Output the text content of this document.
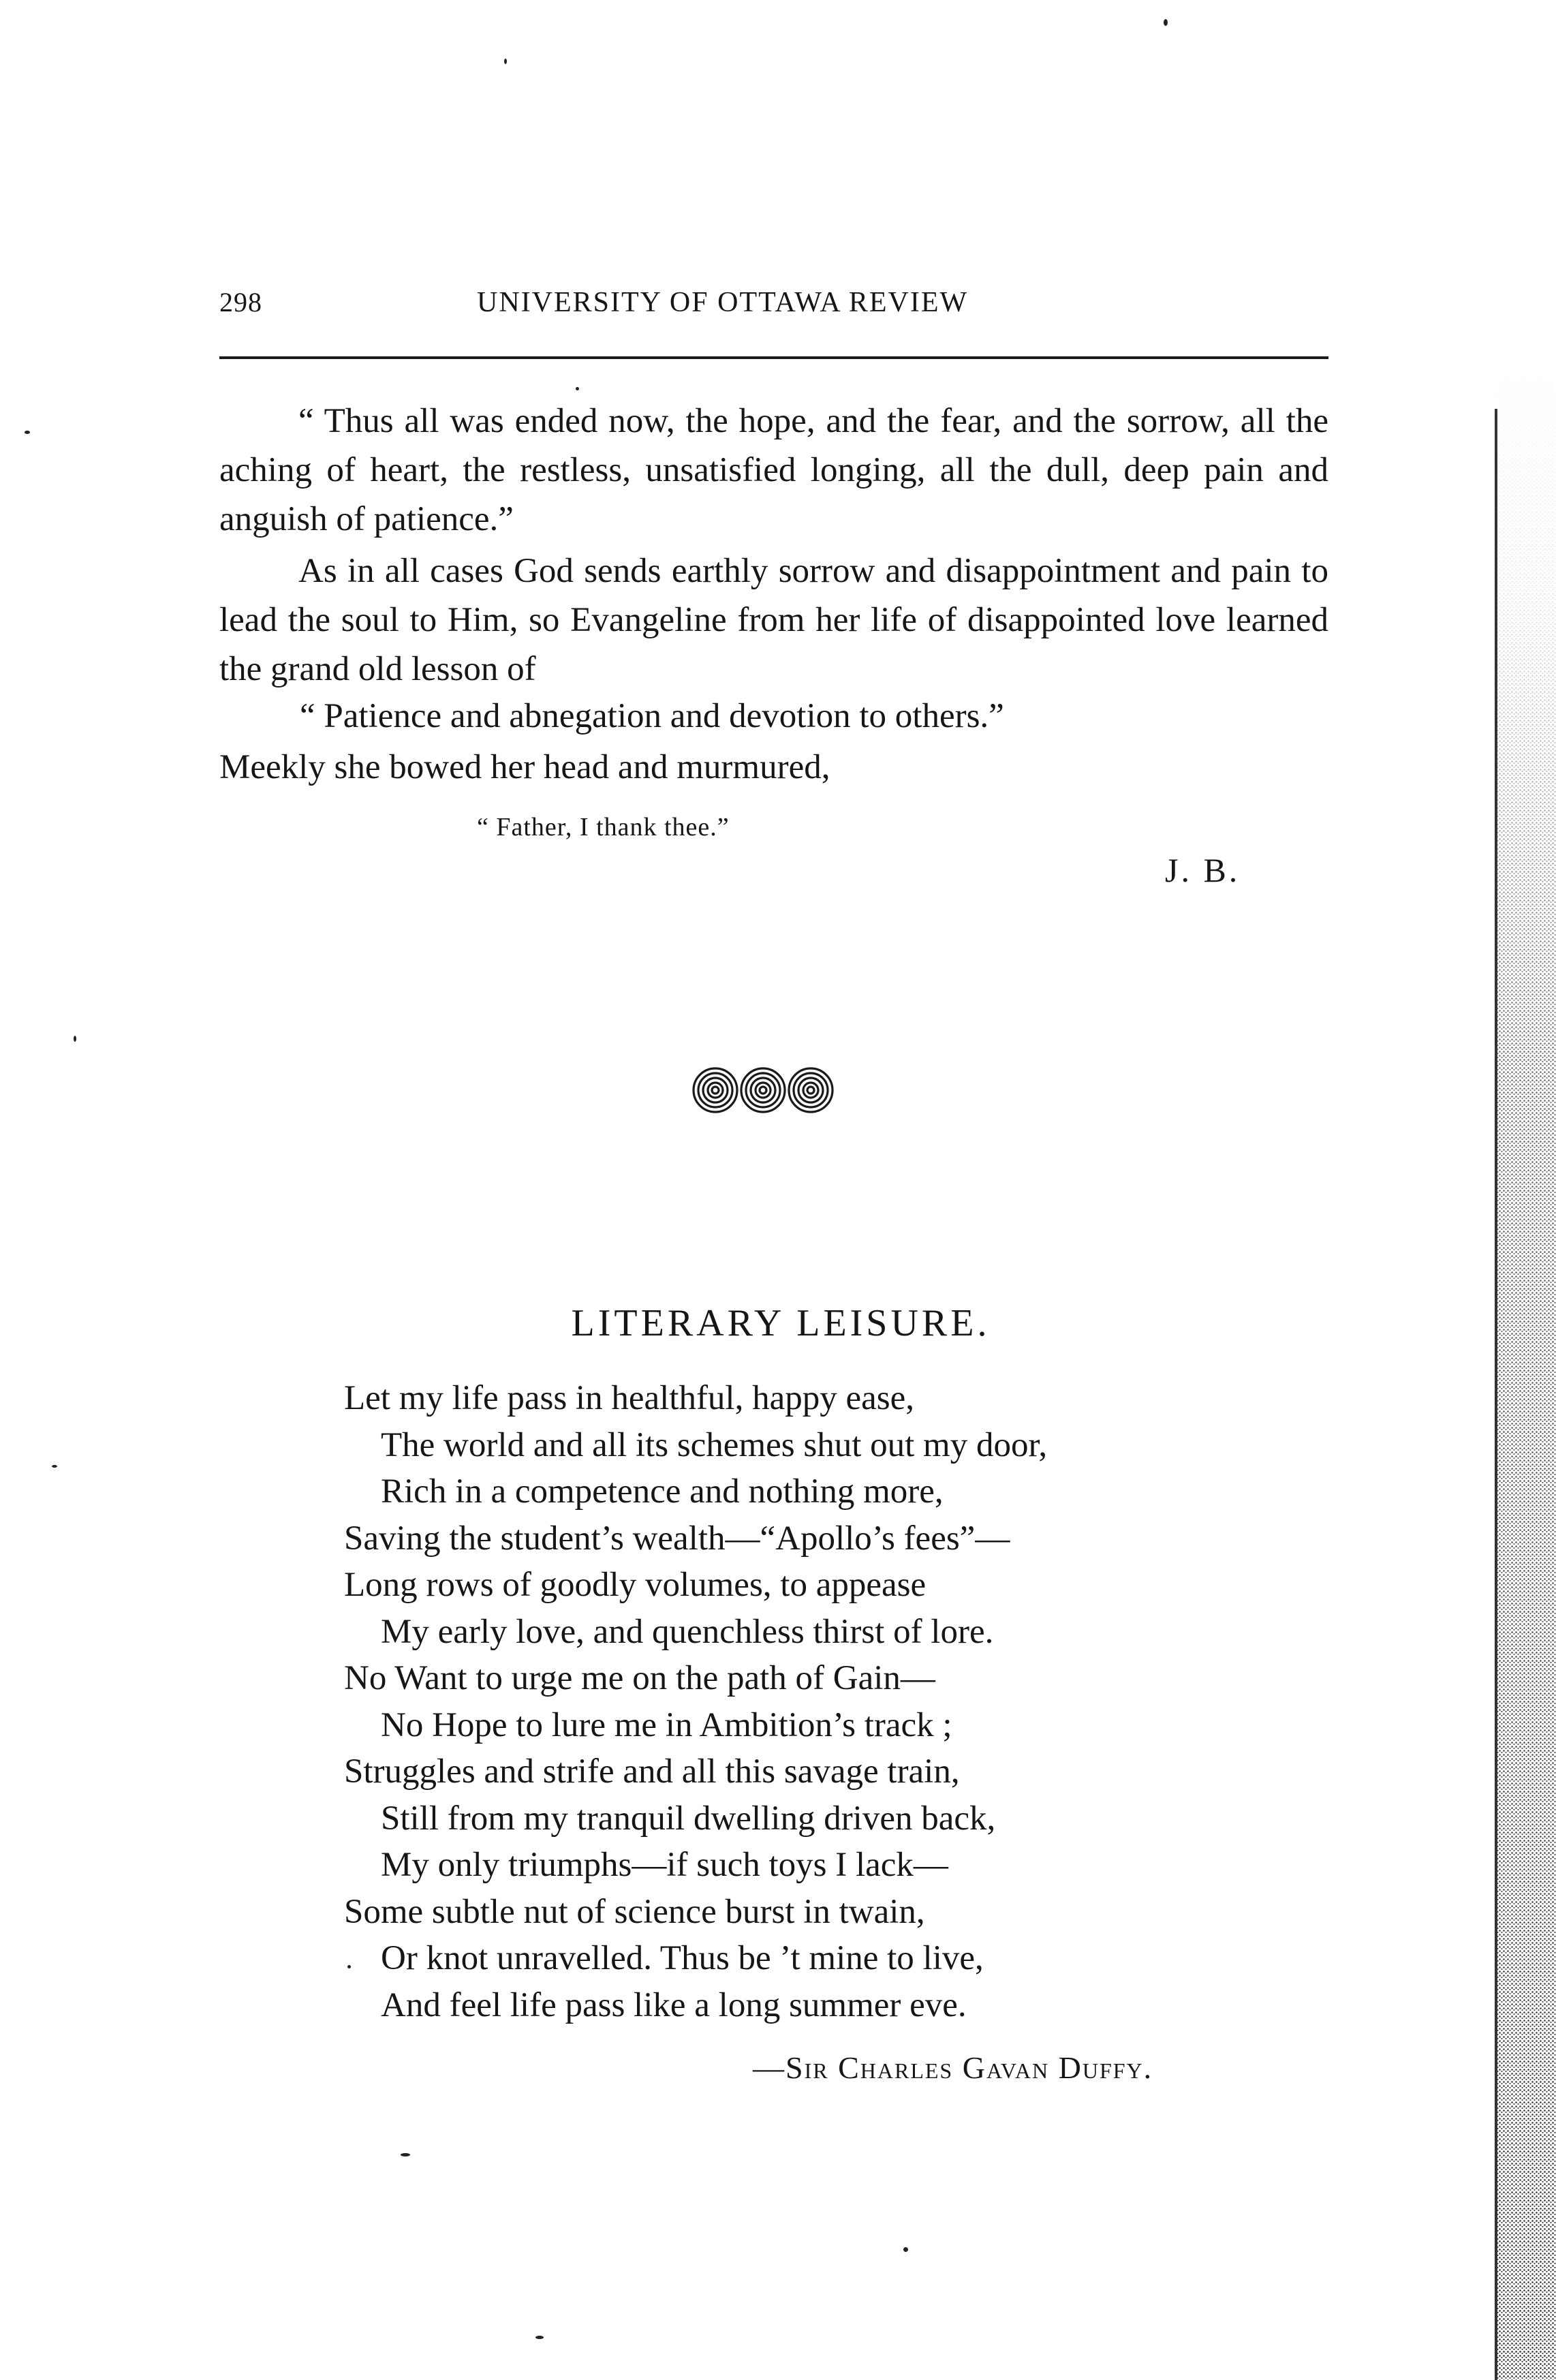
298	UNIVERSITY OF OTTAWA REVIEW
“ Thus all was ended now, the hope, and the fear, and the sorrow, all the aching of heart, the restless, unsatisfied longing, all the dull, deep pain and anguish of patience.”
As in all cases God sends earthly sorrow and disappointment and pain to lead the soul to Him, so Evangeline from her life of disappointed love learned the grand old lesson of
“ Patience and abnegation and devotion to others.”
Meekly she bowed her head and murmured,
“ Father, I thank thee.”
J. B.
LITERARY LEISURE.
Let my life pass in healthful, happy ease,
The world and all its schemes shut out my door,
Rich in a competence and nothing more,
Saving the student’s wealth—“Apollo’s fees”—
Long rows of goodly volumes, to appease
My early love, and quenchless thirst of lore.
No Want to urge me on the path of Gain—
No Hope to lure me in Ambition’s track ;
Struggles and strife and all this savage train,
Still from my tranquil dwelling driven back,
My only triumphs—if such toys I lack—
Some subtle nut of science burst in twain,
Or knot unravelled. Thus be ’t mine to live,
And feel life pass like a long summer eve.
—Sir Charles Gavan Duffy.
